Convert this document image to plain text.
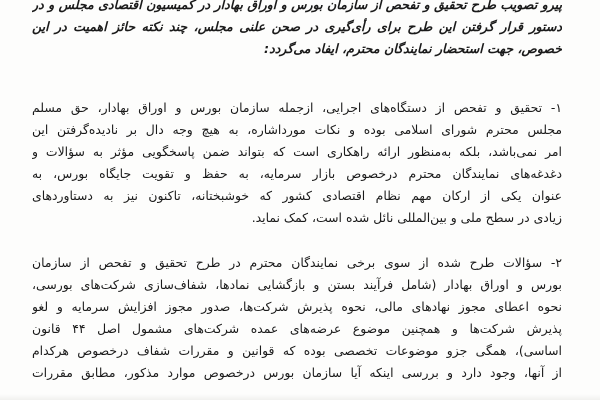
پیرو تصویب طرح تحقیق و تفحص از سازمان بورس و اوراق بهادار در کمیسیون اقتصادی مجلس و در
دستور قرار گرفتن این طرح برای رأی‌گیری در صحن علنی مجلس، چند نکته حائز اهمیت در این
خصوص، جهت استحضار نمایندگان محترم، ایفاد می‌گردد:
۱- تحقیق و تفحص از دستگاه‌های اجرایی، ازجمله سازمان بورس و اوراق بهادار، حق مسلم
مجلس محترم شورای اسلامی بوده و نکات مورداشاره، به هیچ وجه دال بر نادیده‌گرفتن این
امر نمی‌باشد، بلکه به‌منظور ارائه راهکاری است که بتواند ضمن پاسخگویی مؤثر به سؤالات و
دغدغه‌های نمایندگان محترم درخصوص بازار سرمایه، به حفظ و تقویت جایگاه بورس، به
عنوان یکی از ارکان مهم نظام اقتصادی کشور که خوشبختانه، تاکنون نیز به دستاوردهای
زیادی در سطح ملی و بین‌المللی نائل شده است، کمک نماید.
۲- سؤالات طرح شده از سوی برخی نمایندگان محترم در طرح تحقیق و تفحص از سازمان
بورس و اوراق بهادار (شامل فرآیند بستن و بازگشایی نمادها، شفاف‌سازی شرکت‌های بورسی،
نحوه اعطای مجوز نهادهای مالی، نحوه پذیرش شرکت‌ها، صدور مجوز افزایش سرمایه و لغو
پذیرش شرکت‌ها و همچنین موضوع عرضه‌های عمده شرکت‌های مشمول اصل ۴۴ قانون
اساسی)، همگی جزو موضوعات تخصصی بوده که قوانین و مقررات شفاف درخصوص هرکدام
از آنها، وجود دارد و بررسی اینکه آیا سازمان بورس درخصوص موارد مذکور، مطابق مقررات
